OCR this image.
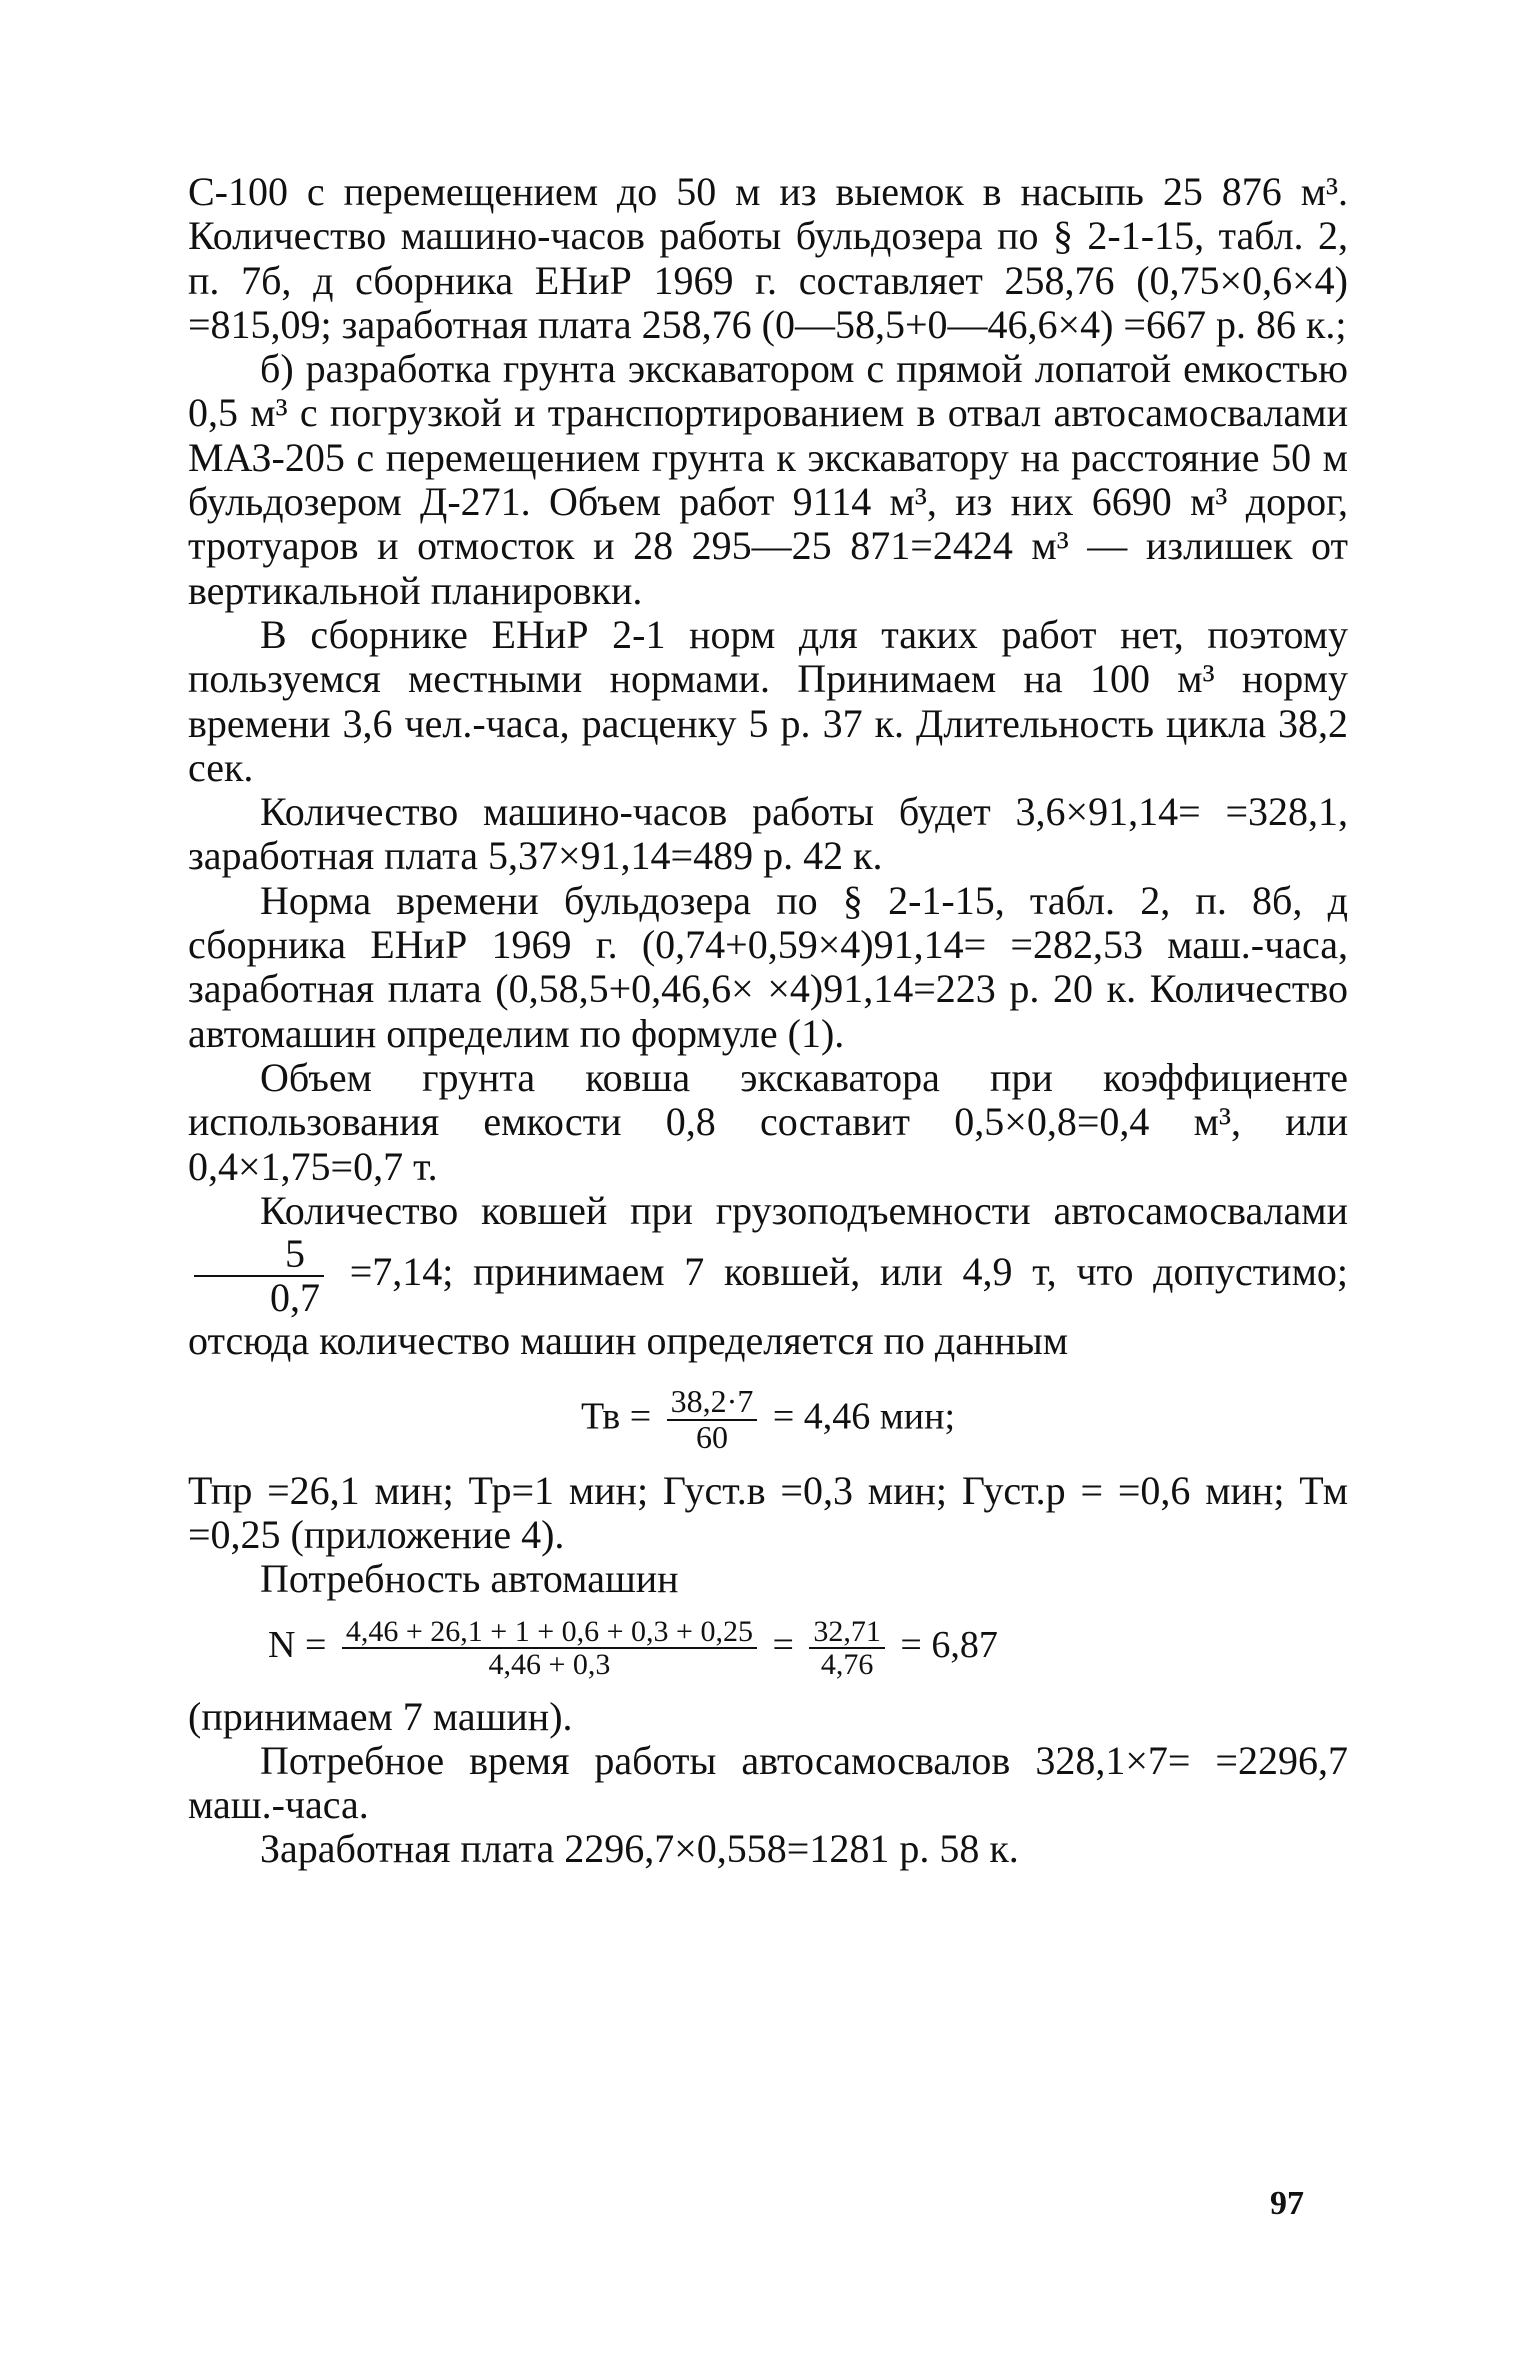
С-100 с перемещением до 50 м из выемок в насыпь 25 876 м³. Количество машино-часов работы бульдозера по § 2-1-15, табл. 2, п. 7б, д сборника ЕНиР 1969 г. составляет 258,76 (0,75×0,6×4) =815,09; заработная плата 258,76 (0—58,5+0—46,6×4) =667 р. 86 к.;

б) разработка грунта экскаватором с прямой лопатой емкостью 0,5 м³ с погрузкой и транспортированием в отвал автосамосвалами МАЗ-205 с перемещением грунта к экскаватору на расстояние 50 м бульдозером Д-271. Объем работ 9114 м³, из них 6690 м³ дорог, тротуаров и отмосток и 28 295—25 871=2424 м³ — излишек от вертикальной планировки.

В сборнике ЕНиР 2-1 норм для таких работ нет, поэтому пользуемся местными нормами. Принимаем на 100 м³ норму времени 3,6 чел.-часа, расценку 5 р. 37 к. Длительность цикла 38,2 сек.

Количество машино-часов работы будет 3,6×91,14= =328,1, заработная плата 5,37×91,14=489 р. 42 к.

Норма времени бульдозера по § 2-1-15, табл. 2, п. 8б, д сборника ЕНиР 1969 г. (0,74+0,59×4)91,14= =282,53 маш.-часа, заработная плата (0,58,5+0,46,6× ×4)91,14=223 р. 20 к. Количество автомашин определим по формуле (1).

Объем грунта ковша экскаватора при коэффициенте использования емкости 0,8 составит 0,5×0,8=0,4 м³, или 0,4×1,75=0,7 т.

Количество ковшей при грузоподъемности автосамосвалами
$\frac{5}{0,7} =7,14$; принимаем 7 ковшей, или 4,9 т, что допустимо; отсюда количество машин определяется по данным

Тв = $\frac{38,2\cdot 7}{60} = 4,46$ мин;

Тпр =26,1 мин; Тр=1 мин; Густ.в =0,3 мин; Густ.р = =0,6 мин; Тм =0,25 (приложение 4).

Потребность автомашин

$N = \frac{4,46 + 26,1 + 1 + 0,6 + 0,3 + 0,25}{4,46 + 0,3} = \frac{32,71}{4,76} = 6,87$

(принимаем 7 машин).

Потребное время работы автосамосвалов 328,1×7= =2296,7 маш.-часа.

Заработная плата 2296,7×0,558=1281 р. 58 к.

97
